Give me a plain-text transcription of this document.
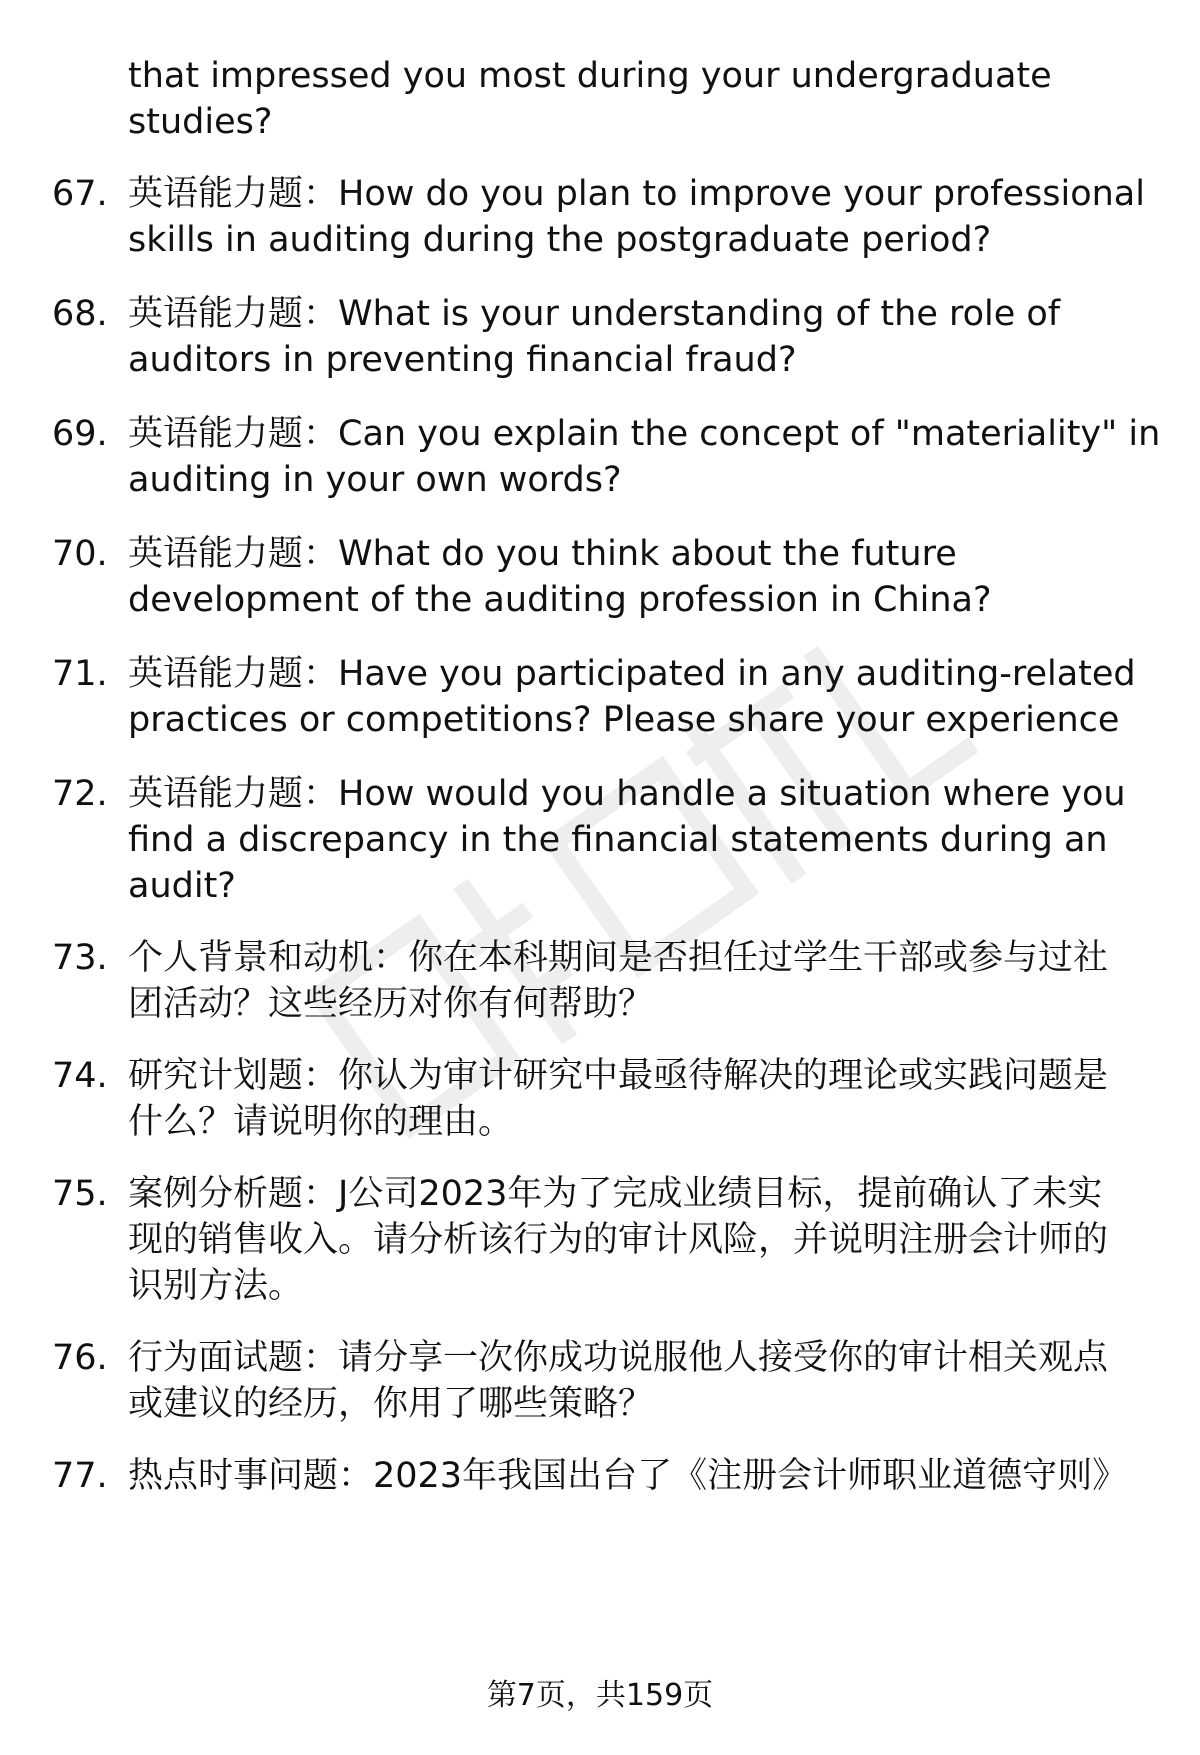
that impressed you most during your undergraduate
studies?
67. 英语能力题：How do you plan to improve your professional
skills in auditing during the postgraduate period?
68. 英语能力题：What is your understanding of the role of
auditors in preventing financial fraud?
69. 英语能力题：Can you explain the concept of "materiality" in
auditing in your own words?
70. 英语能力题：What do you think about the future
development of the auditing profession in China?
71. 英语能力题：Have you participated in any auditing-related
practices or competitions? Please share your experience
72. 英语能力题：How would you handle a situation where you
find a discrepancy in the financial statements during an
audit?
73. 个人背景和动机：你在本科期间是否担任过学生干部或参与过社
团活动？这些经历对你有何帮助？
74. 研究计划题：你认为审计研究中最亟待解决的理论或实践问题是
什么？请说明你的理由。
75. 案例分析题：J公司2023年为了完成业绩目标，提前确认了未实
现的销售收入。请分析该行为的审计风险，并说明注册会计师的
识别方法。
76. 行为面试题：请分享一次你成功说服他人接受你的审计相关观点
或建议的经历，你用了哪些策略？
77. 热点时事问题：2023年我国出台了《注册会计师职业道德守则》
第7页，共159页
